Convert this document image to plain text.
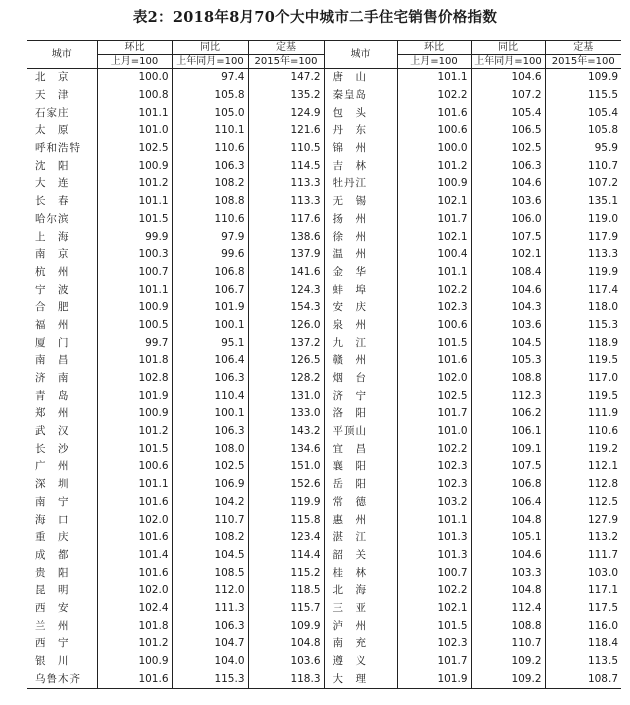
表2：2018年8月70个大中城市二手住宅销售价格指数
城市	环比	同比	定基	城市	环比	同比	定基
	上月=100	上年同月=100	2015年=100		上月=100	上年同月=100	2015年=100
北　京	100.0	97.4	147.2	唐　山	101.1	104.6	109.9
天　津	100.8	105.8	135.2	秦皇岛	102.2	107.2	115.5
石家庄	101.1	105.0	124.9	包　头	101.6	105.4	105.4
太　原	101.0	110.1	121.6	丹　东	100.6	106.5	105.8
呼和浩特	102.5	110.6	110.5	锦　州	100.0	102.5	95.9
沈　阳	100.9	106.3	114.5	吉　林	101.2	106.3	110.7
大　连	101.2	108.2	113.3	牡丹江	100.9	104.6	107.2
长　春	101.1	108.8	113.3	无　锡	102.1	103.6	135.1
哈尔滨	101.5	110.6	117.6	扬　州	101.7	106.0	119.0
上　海	99.9	97.9	138.6	徐　州	102.1	107.5	117.9
南　京	100.3	99.6	137.9	温　州	100.4	102.1	113.3
杭　州	100.7	106.8	141.6	金　华	101.1	108.4	119.9
宁　波	101.1	106.7	124.3	蚌　埠	102.2	104.6	117.4
合　肥	100.9	101.9	154.3	安　庆	102.3	104.3	118.0
福　州	100.5	100.1	126.0	泉　州	100.6	103.6	115.3
厦　门	99.7	95.1	137.2	九　江	101.5	104.5	118.9
南　昌	101.8	106.4	126.5	赣　州	101.6	105.3	119.5
济　南	102.8	106.3	128.2	烟　台	102.0	108.8	117.0
青　岛	101.9	110.4	131.0	济　宁	102.5	112.3	119.5
郑　州	100.9	100.1	133.0	洛　阳	101.7	106.2	111.9
武　汉	101.2	106.3	143.2	平顶山	101.0	106.1	110.6
长　沙	101.5	108.0	134.6	宜　昌	102.2	109.1	119.2
广　州	100.6	102.5	151.0	襄　阳	102.3	107.5	112.1
深　圳	101.1	106.9	152.6	岳　阳	102.3	106.8	112.8
南　宁	101.6	104.2	119.9	常　德	103.2	106.4	112.5
海　口	102.0	110.7	115.8	惠　州	101.1	104.8	127.9
重　庆	101.6	108.2	123.4	湛　江	101.3	105.1	113.2
成　都	101.4	104.5	114.4	韶　关	101.3	104.6	111.7
贵　阳	101.6	108.5	115.2	桂　林	100.7	103.3	103.0
昆　明	102.0	112.0	118.5	北　海	102.2	104.8	117.1
西　安	102.4	111.3	115.7	三　亚	102.1	112.4	117.5
兰　州	101.8	106.3	109.9	泸　州	101.5	108.8	116.0
西　宁	101.2	104.7	104.8	南　充	102.3	110.7	118.4
银　川	100.9	104.0	103.6	遵　义	101.7	109.2	113.5
乌鲁木齐	101.6	115.3	118.3	大　理	101.9	109.2	108.7
